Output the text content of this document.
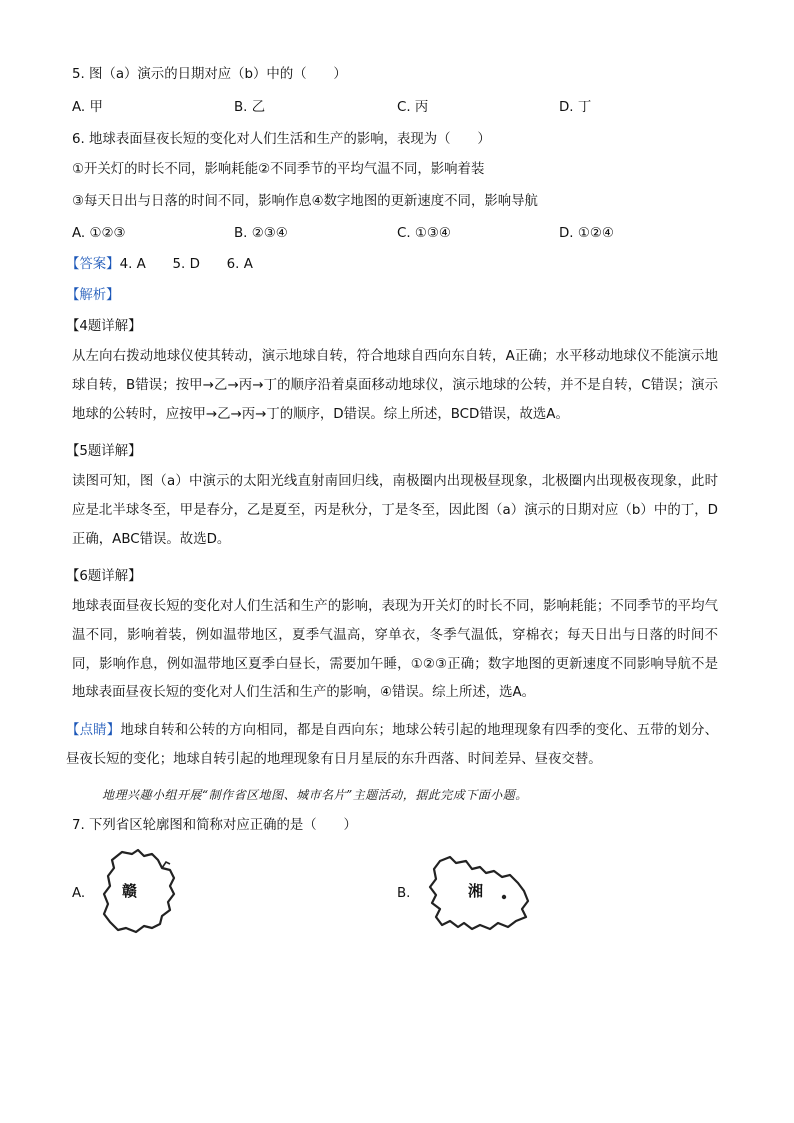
5. 图（a）演示的日期对应（b）中的（　　）
A. 甲	B. 乙	C. 丙	D. 丁
6. 地球表面昼夜长短的变化对人们生活和生产的影响，表现为（　　）
①开关灯的时长不同，影响耗能②不同季节的平均气温不同，影响着装
③每天日出与日落的时间不同，影响作息④数字地图的更新速度不同，影响导航
A. ①②③	B. ②③④	C. ①③④	D. ①②④
【答案】4. A　　5. D　　6. A
【解析】
【4题详解】
从左向右拨动地球仪使其转动，演示地球自转，符合地球自西向东自转，A正确；水平移动地球仪不能演示地球自转，B错误；按甲→乙→丙→丁的顺序沿着桌面移动地球仪，演示地球的公转，并不是自转，C错误；演示地球的公转时，应按甲→乙→丙→丁的顺序，D错误。综上所述，BCD错误，故选A。
【5题详解】
读图可知，图（a）中演示的太阳光线直射南回归线，南极圈内出现极昼现象，北极圈内出现极夜现象，此时应是北半球冬至，甲是春分，乙是夏至，丙是秋分，丁是冬至，因此图（a）演示的日期对应（b）中的丁，D正确，ABC错误。故选D。
【6题详解】
地球表面昼夜长短的变化对人们生活和生产的影响，表现为开关灯的时长不同，影响耗能；不同季节的平均气温不同，影响着装，例如温带地区，夏季气温高，穿单衣，冬季气温低，穿棉衣；每天日出与日落的时间不同，影响作息，例如温带地区夏季白昼长，需要加午睡，①②③正确；数字地图的更新速度不同影响导航不是地球表面昼夜长短的变化对人们生活和生产的影响，④错误。综上所述，选A。
【点睛】地球自转和公转的方向相同，都是自西向东；地球公转引起的地理现象有四季的变化、五带的划分、昼夜长短的变化；地球自转引起的地理现象有日月星辰的东升西落、时间差异、昼夜交替。
地理兴趣小组开展“制作省区地图、城市名片”主题活动，据此完成下面小题。
7. 下列省区轮廓图和简称对应正确的是（　　）
A. 赣	B.	湘
